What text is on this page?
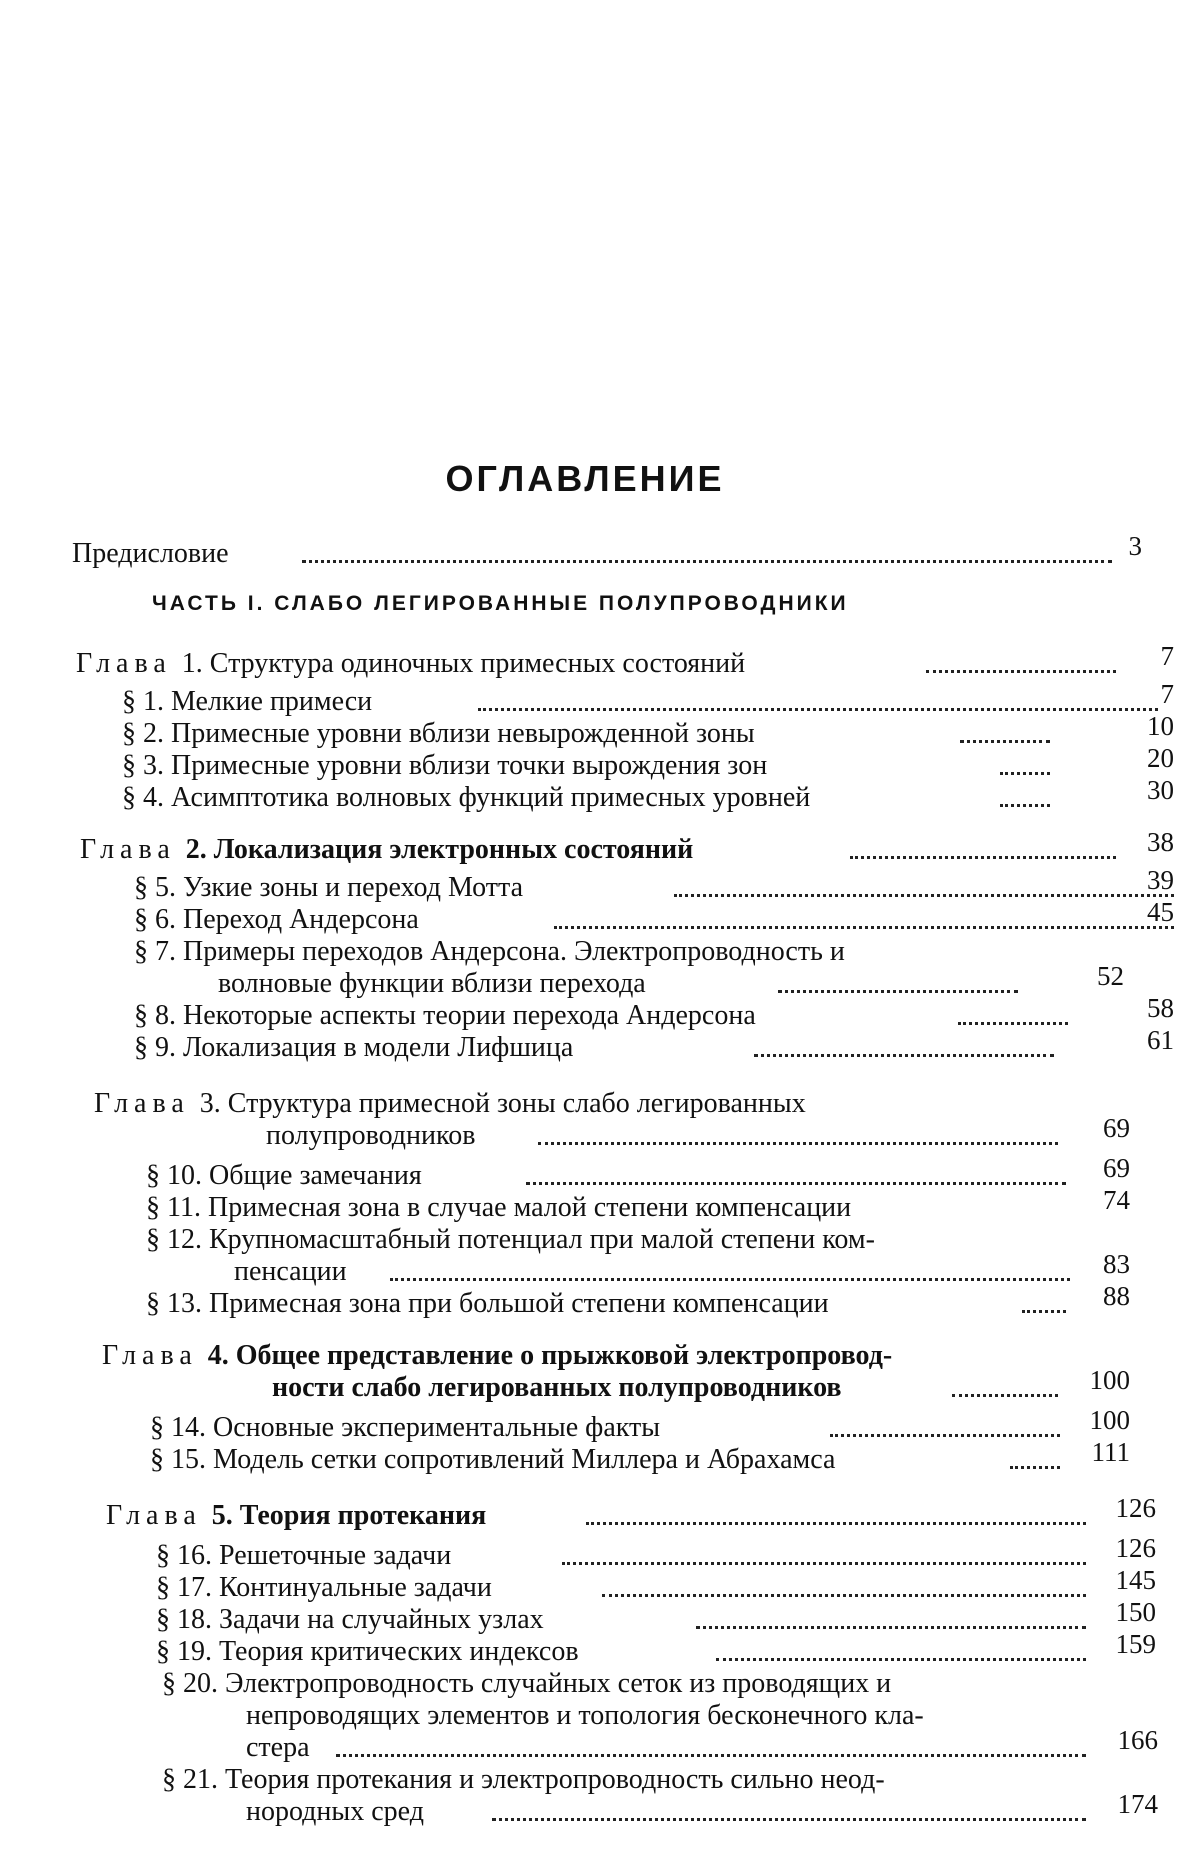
ОГЛАВЛЕНИЕ
Предисловие	3
ЧАСТЬ I. СЛАБО ЛЕГИРОВАННЫЕ ПОЛУПРОВОДНИКИ
Глава 1. Структура одиночных примесных состояний	7
§ 1. Мелкие примеси	7
§ 2. Примесные уровни вблизи невырожденной зоны	10
§ 3. Примесные уровни вблизи точки вырождения зон	20
§ 4. Асимптотика волновых функций примесных уровней	30
Глава 2. Локализация электронных состояний	38
§ 5. Узкие зоны и переход Мотта	39
§ 6. Переход Андерсона	45
§ 7. Примеры переходов Андерсона. Электропроводность и
волновые функции вблизи перехода	52
§ 8. Некоторые аспекты теории перехода Андерсона	58
§ 9. Локализация в модели Лифшица	61
Глава 3. Структура примесной зоны слабо легированных
полупроводников	69
§ 10. Общие замечания	69
§ 11. Примесная зона в случае малой степени компенсации	74
§ 12. Крупномасштабный потенциал при малой степени ком-
пенсации	83
§ 13. Примесная зона при большой степени компенсации	88
Глава 4. Общее представление о прыжковой электропровод-
ности слабо легированных полупроводников	100
§ 14. Основные экспериментальные факты	100
§ 15. Модель сетки сопротивлений Миллера и Абрахамса	111
Глава 5. Теория протекания	126
§ 16. Решеточные задачи	126
§ 17. Континуальные задачи	145
§ 18. Задачи на случайных узлах	150
§ 19. Теория критических индексов	159
§ 20. Электропроводность случайных сеток из проводящих и
непроводящих элементов и топология бесконечного кла-
стера	166
§ 21. Теория протекания и электропроводность сильно неод-
нородных сред	174
